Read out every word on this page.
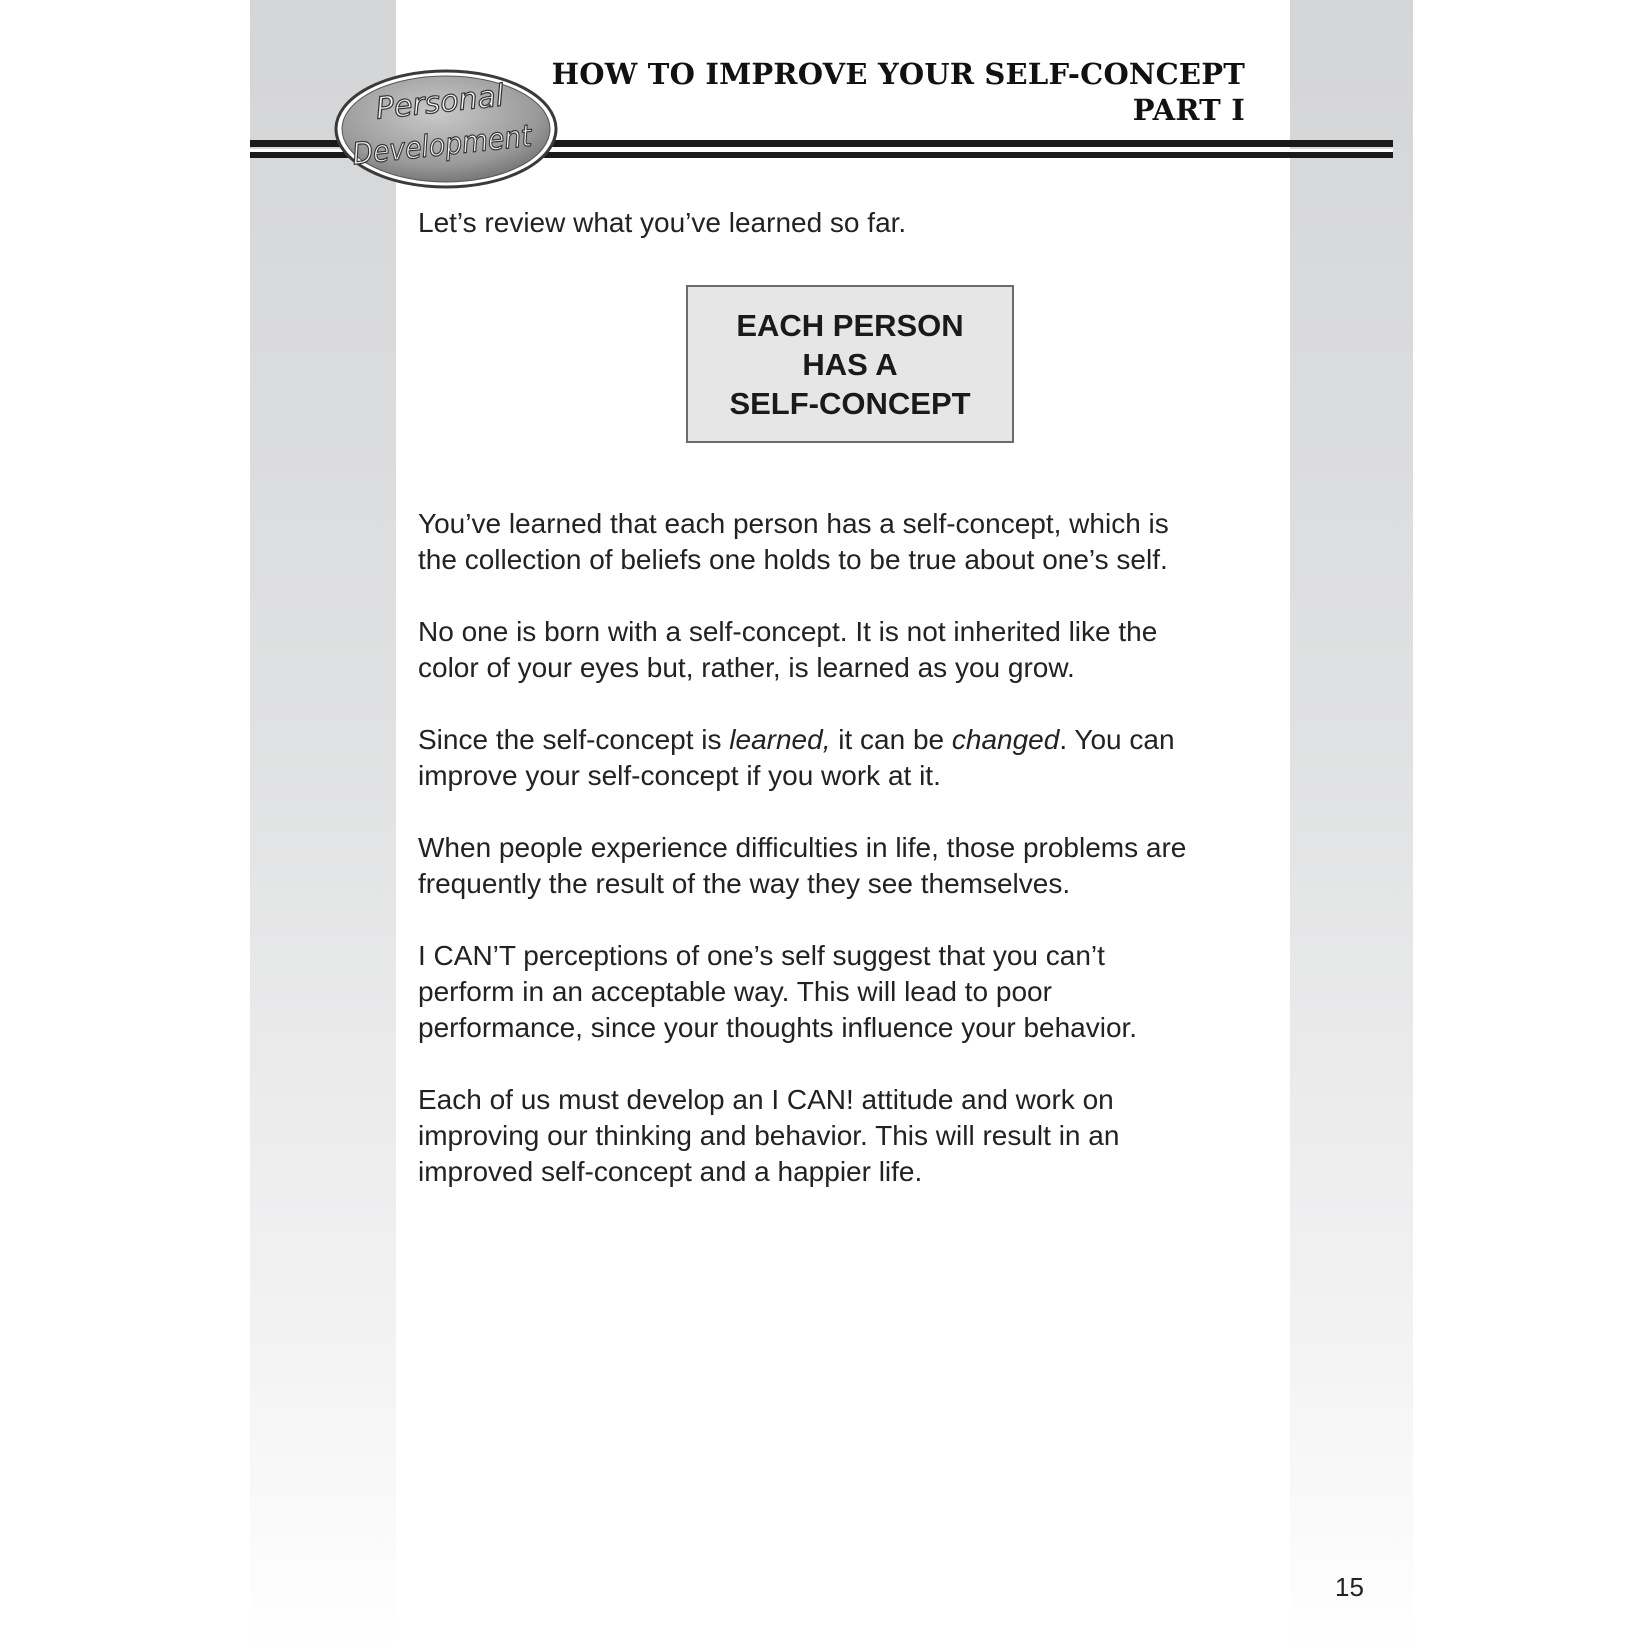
HOW TO IMPROVE YOUR SELF-CONCEPT
PART I
Personal
Development

Let’s review what you’ve learned so far.

EACH PERSON
HAS A
SELF-CONCEPT

You’ve learned that each person has a self-concept, which is
the collection of beliefs one holds to be true about one’s self.

No one is born with a self-concept. It is not inherited like the
color of your eyes but, rather, is learned as you grow.

Since the self-concept is learned, it can be changed. You can
improve your self-concept if you work at it.

When people experience difficulties in life, those problems are
frequently the result of the way they see themselves.

I CAN’T perceptions of one’s self suggest that you can’t
perform in an acceptable way. This will lead to poor
performance, since your thoughts influence your behavior.

Each of us must develop an I CAN! attitude and work on
improving our thinking and behavior. This will result in an
improved self-concept and a happier life.

15
